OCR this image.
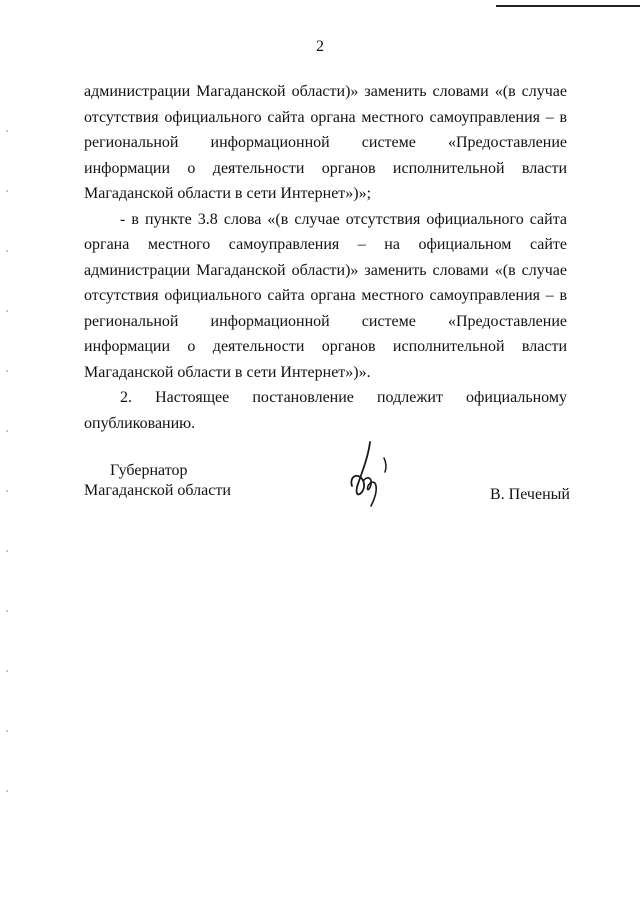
2

администрации Магаданской области)» заменить словами «(в случае отсутствия официального сайта органа местного самоуправления – в региональной информационной системе «Предоставление информации о деятельности органов исполнительной власти Магаданской области в сети Интернет»)»;

- в пункте 3.8 слова «(в случае отсутствия официального сайта органа местного самоуправления – на официальном сайте администрации Магаданской области)» заменить словами «(в случае отсутствия официального сайта органа местного самоуправления – в региональной информационной системе «Предоставление информации о деятельности органов исполнительной власти Магаданской области в сети Интернет»)».

2. Настоящее постановление подлежит официальному опубликованию.

Губернатор
Магаданской области	В. Печеный
